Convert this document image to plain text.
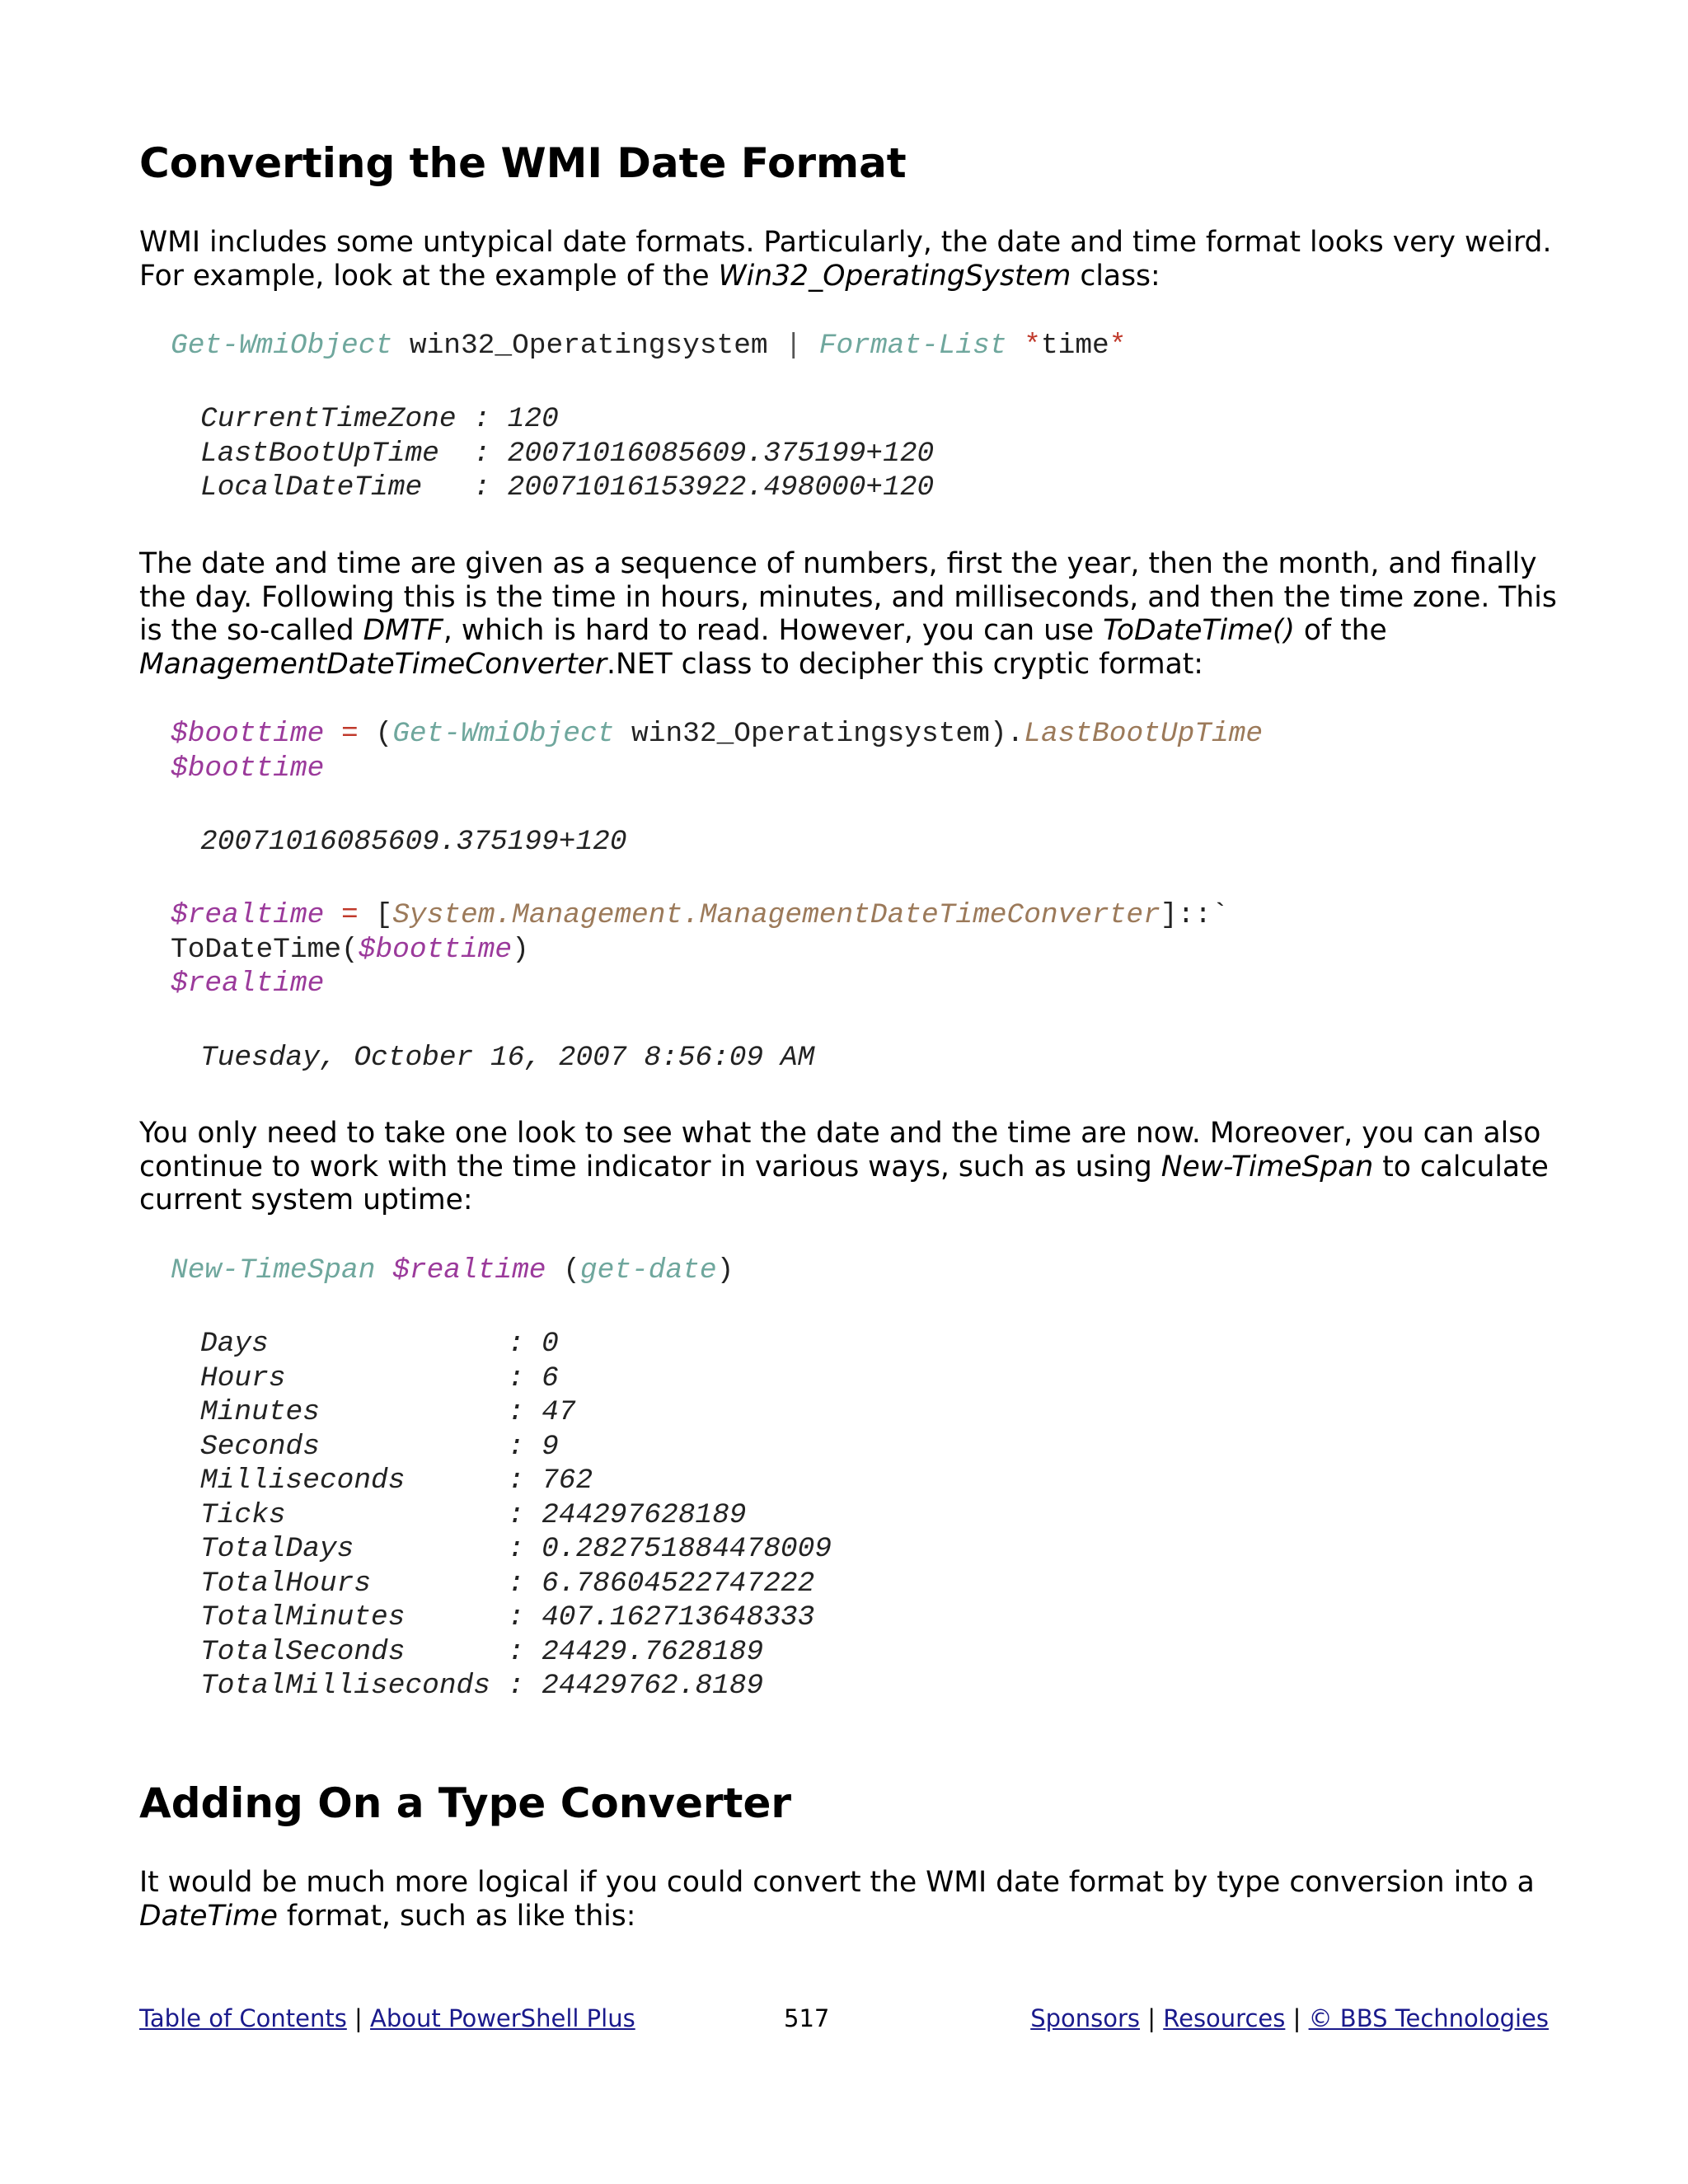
Converting the WMI Date Format

WMI includes some untypical date formats. Particularly, the date and time format looks very weird.
For example, look at the example of the Win32_OperatingSystem class:

Get-WmiObject win32_Operatingsystem | Format-List *time*
CurrentTimeZone : 120
LastBootUpTime  : 20071016085609.375199+120
LocalDateTime   : 20071016153922.498000+120

The date and time are given as a sequence of numbers, first the year, then the month, and finally
the day. Following this is the time in hours, minutes, and milliseconds, and then the time zone. This
is the so-called DMTF, which is hard to read. However, you can use ToDateTime() of the
ManagementDateTimeConverter.NET class to decipher this cryptic format:

$boottime = (Get-WmiObject win32_Operatingsystem).LastBootUpTime
$boottime
20071016085609.375199+120
$realtime = [System.Management.ManagementDateTimeConverter]::`
ToDateTime($boottime)
$realtime
Tuesday, October 16, 2007 8:56:09 AM

You only need to take one look to see what the date and the time are now. Moreover, you can also
continue to work with the time indicator in various ways, such as using New-TimeSpan to calculate
current system uptime:

New-TimeSpan $realtime (get-date)
Days              : 0
Hours             : 6
Minutes           : 47
Seconds           : 9
Milliseconds      : 762
Ticks             : 244297628189
TotalDays         : 0.282751884478009
TotalHours        : 6.78604522747222
TotalMinutes      : 407.162713648333
TotalSeconds      : 24429.7628189
TotalMilliseconds : 24429762.8189
Adding On a Type Converter

It would be much more logical if you could convert the WMI date format by type conversion into a
DateTime format, such as like this:

Table of Contents | About PowerShell Plus	517	Sponsors | Resources | © BBS Technologies
